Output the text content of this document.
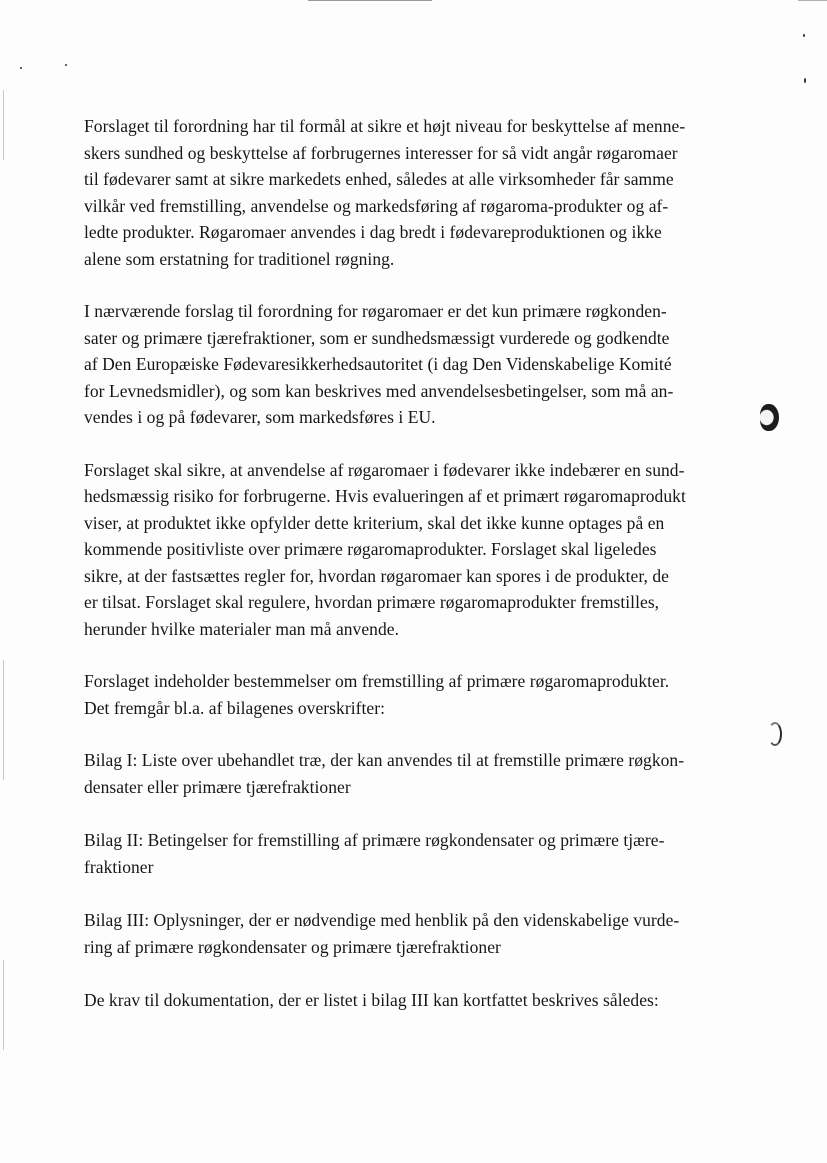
Forslaget til forordning har til formål at sikre et højt niveau for beskyttelse af menne-
skers sundhed og beskyttelse af forbrugernes interesser for så vidt angår røgaromaer
til fødevarer samt at sikre markedets enhed, således at alle virksomheder får samme
vilkår ved fremstilling, anvendelse og markedsføring af røgaroma-produkter og af-
ledte produkter. Røgaromaer anvendes i dag bredt i fødevareproduktionen og ikke
alene som erstatning for traditionel røgning.

I nærværende forslag til forordning for røgaromaer er det kun primære røgkonden-
sater og primære tjærefraktioner, som er sundhedsmæssigt vurderede og godkendte
af Den Europæiske Fødevaresikkerhedsautoritet (i dag Den Videnskabelige Komité
for Levnedsmidler), og som kan beskrives med anvendelsesbetingelser, som må an-
vendes i og på fødevarer, som markedsføres i EU.

Forslaget skal sikre, at anvendelse af røgaromaer i fødevarer ikke indebærer en sund-
hedsmæssig risiko for forbrugerne. Hvis evalueringen af et primært røgaromaprodukt
viser, at produktet ikke opfylder dette kriterium, skal det ikke kunne optages på en
kommende positivliste over primære røgaromaprodukter. Forslaget skal ligeledes
sikre, at der fastsættes regler for, hvordan røgaromaer kan spores i de produkter, de
er tilsat. Forslaget skal regulere, hvordan primære røgaromaprodukter fremstilles,
herunder hvilke materialer man må anvende.

Forslaget indeholder bestemmelser om fremstilling af primære røgaromaprodukter.
Det fremgår bl.a. af bilagenes overskrifter:

Bilag I: Liste over ubehandlet træ, der kan anvendes til at fremstille primære røgkon-
densater eller primære tjærefraktioner

Bilag II: Betingelser for fremstilling af primære røgkondensater og primære tjære-
fraktioner

Bilag III: Oplysninger, der er nødvendige med henblik på den videnskabelige vurde-
ring af primære røgkondensater og primære tjærefraktioner

De krav til dokumentation, der er listet i bilag III kan kortfattet beskrives således:
